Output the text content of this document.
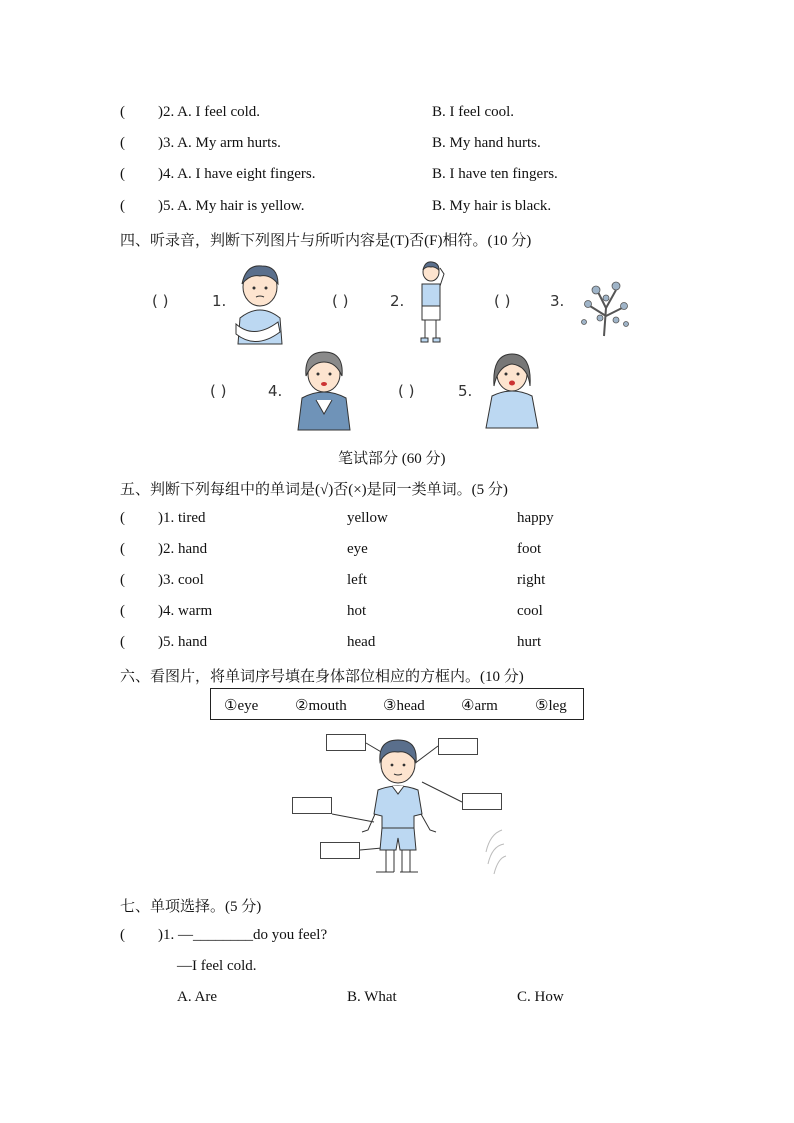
( )2. A. I feel cold.	B. I feel cool.
( )3. A. My arm hurts.	B. My hand hurts.
( )4. A. I have eight fingers.	B. I have ten fingers.
( )5. A. My hair is yellow.	B. My hair is black.
四、听录音，判断下列图片与所听内容是(T)否(F)相符。(10 分)
( )	1.	( )	2.	( )	3.
( )	4.	( )	5.
笔试部分 (60 分)
五、判断下列每组中的单词是(√)否(×)是同一类单词。(5 分)
( )1. tired	yellow	happy
( )2. hand	eye	foot
( )3. cool	left	right
( )4. warm	hot	cool
( )5. hand	head	hurt
六、看图片，将单词序号填在身体部位相应的方框内。(10 分)
①eye ②mouth ③head ④arm ⑤leg
七、单项选择。(5 分)
( )1. —________do you feel?
—I feel cold.
A. Are	B. What	C. How
